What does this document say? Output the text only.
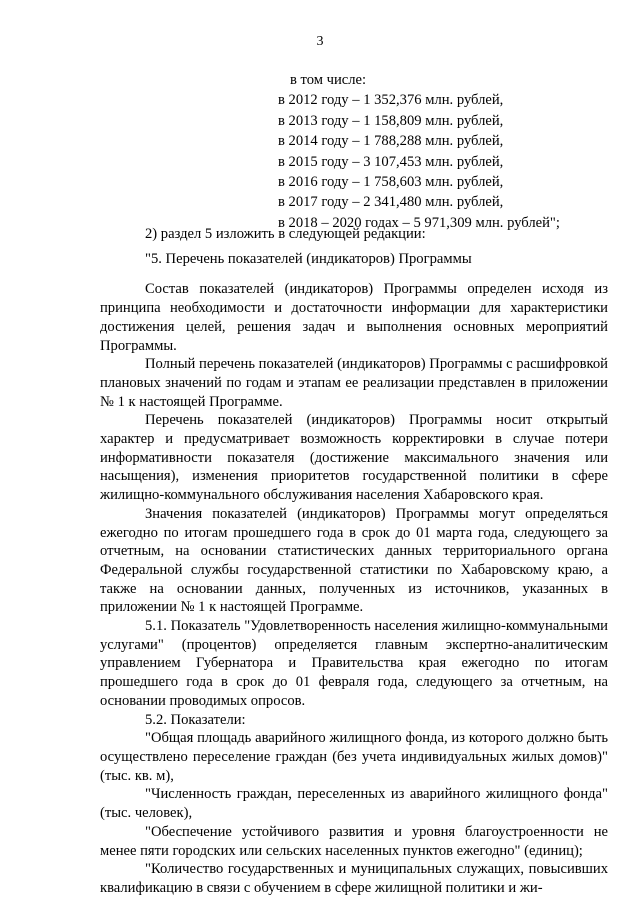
3
в том числе:
в 2012 году – 1 352,376 млн. рублей,
в 2013 году – 1 158,809 млн. рублей,
в 2014 году – 1 788,288 млн. рублей,
в 2015 году – 3 107,453 млн. рублей,
в 2016 году – 1 758,603 млн. рублей,
в 2017 году – 2 341,480 млн. рублей,
в 2018 – 2020 годах – 5 971,309 млн. рублей";

2) раздел 5 изложить в следующей редакции:

"5. Перечень показателей (индикаторов) Программы

Состав показателей (индикаторов) Программы определен исходя из принципа необходимости и достаточности информации для характеристики достижения целей, решения задач и выполнения основных мероприятий Программы.

Полный перечень показателей (индикаторов) Программы с расшифровкой плановых значений по годам и этапам ее реализации представлен в приложении № 1 к настоящей Программе.

Перечень показателей (индикаторов) Программы носит открытый характер и предусматривает возможность корректировки в случае потери информативности показателя (достижение максимального значения или насыщения), изменения приоритетов государственной политики в сфере жилищно-коммунального обслуживания населения Хабаровского края.

Значения показателей (индикаторов) Программы могут определяться ежегодно по итогам прошедшего года в срок до 01 марта года, следующего за отчетным, на основании статистических данных территориального органа Федеральной службы государственной статистики по Хабаровскому краю, а также на основании данных, полученных из источников, указанных в приложении № 1 к настоящей Программе.

5.1. Показатель "Удовлетворенность населения жилищно-коммунальными услугами" (процентов) определяется главным экспертно-аналитическим управлением Губернатора и Правительства края ежегодно по итогам прошедшего года в срок до 01 февраля года, следующего за отчетным, на основании проводимых опросов.

5.2. Показатели:

"Общая площадь аварийного жилищного фонда, из которого должно быть осуществлено переселение граждан (без учета индивидуальных жилых домов)" (тыс. кв. м),

"Численность граждан, переселенных из аварийного жилищного фонда" (тыс. человек),

"Обеспечение устойчивого развития и уровня благоустроенности не менее пяти городских или сельских населенных пунктов ежегодно" (единиц);

"Количество государственных и муниципальных служащих, повысивших квалификацию в связи с обучением в сфере жилищной политики и жи-
